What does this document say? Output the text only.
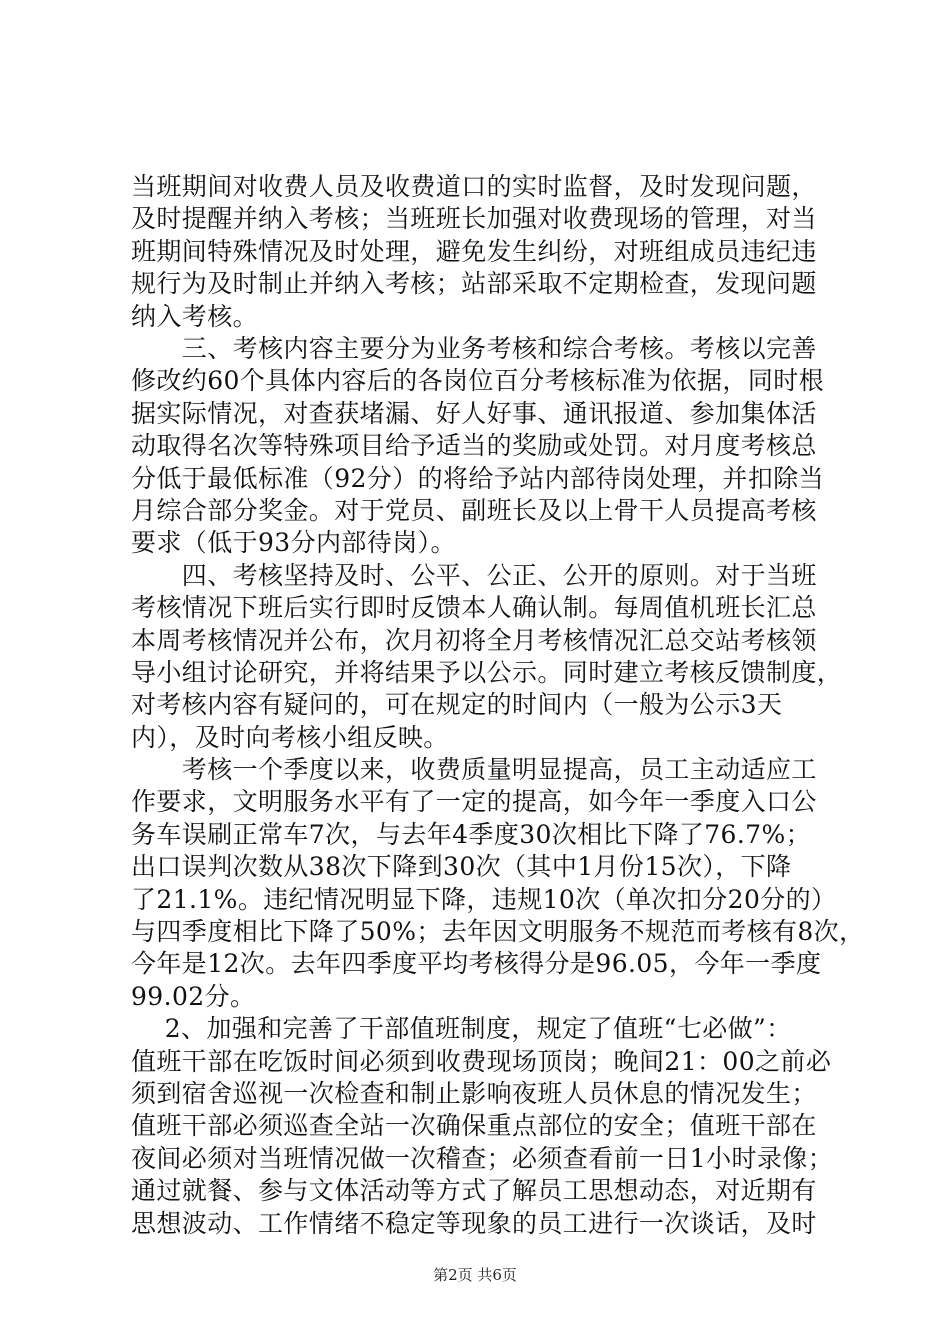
当班期间对收费人员及收费道口的实时监督，及时发现问题，
及时提醒并纳入考核；当班班长加强对收费现场的管理，对当
班期间特殊情况及时处理，避免发生纠纷，对班组成员违纪违
规行为及时制止并纳入考核；站部采取不定期检查，发现问题
纳入考核。
　　三、考核内容主要分为业务考核和综合考核。考核以完善
修改约60个具体内容后的各岗位百分考核标准为依据，同时根
据实际情况，对查获堵漏、好人好事、通讯报道、参加集体活
动取得名次等特殊项目给予适当的奖励或处罚。对月度考核总
分低于最低标准（92分）的将给予站内部待岗处理，并扣除当
月综合部分奖金。对于党员、副班长及以上骨干人员提高考核
要求（低于93分内部待岗）。
　　四、考核坚持及时、公平、公正、公开的原则。对于当班
考核情况下班后实行即时反馈本人确认制。每周值机班长汇总
本周考核情况并公布，次月初将全月考核情况汇总交站考核领
导小组讨论研究，并将结果予以公示。同时建立考核反馈制度，
对考核内容有疑问的，可在规定的时间内（一般为公示3天
内），及时向考核小组反映。
　　考核一个季度以来，收费质量明显提高，员工主动适应工
作要求，文明服务水平有了一定的提高，如今年一季度入口公
务车误刷正常车7次，与去年4季度30次相比下降了76.7%；
出口误判次数从38次下降到30次（其中1月份15次），下降
了21.1%。违纪情况明显下降，违规10次（单次扣分20分的）
与四季度相比下降了50%；去年因文明服务不规范而考核有8次，
今年是12次。去年四季度平均考核得分是96.05，今年一季度
99.02分。
　 2、加强和完善了干部值班制度，规定了值班“七必做”：
值班干部在吃饭时间必须到收费现场顶岗；晚间21：00之前必
须到宿舍巡视一次检查和制止影响夜班人员休息的情况发生；
值班干部必须巡查全站一次确保重点部位的安全；值班干部在
夜间必须对当班情况做一次稽查；必须查看前一日1小时录像；
通过就餐、参与文体活动等方式了解员工思想动态，对近期有
思想波动、工作情绪不稳定等现象的员工进行一次谈话，及时
第2页 共6页
